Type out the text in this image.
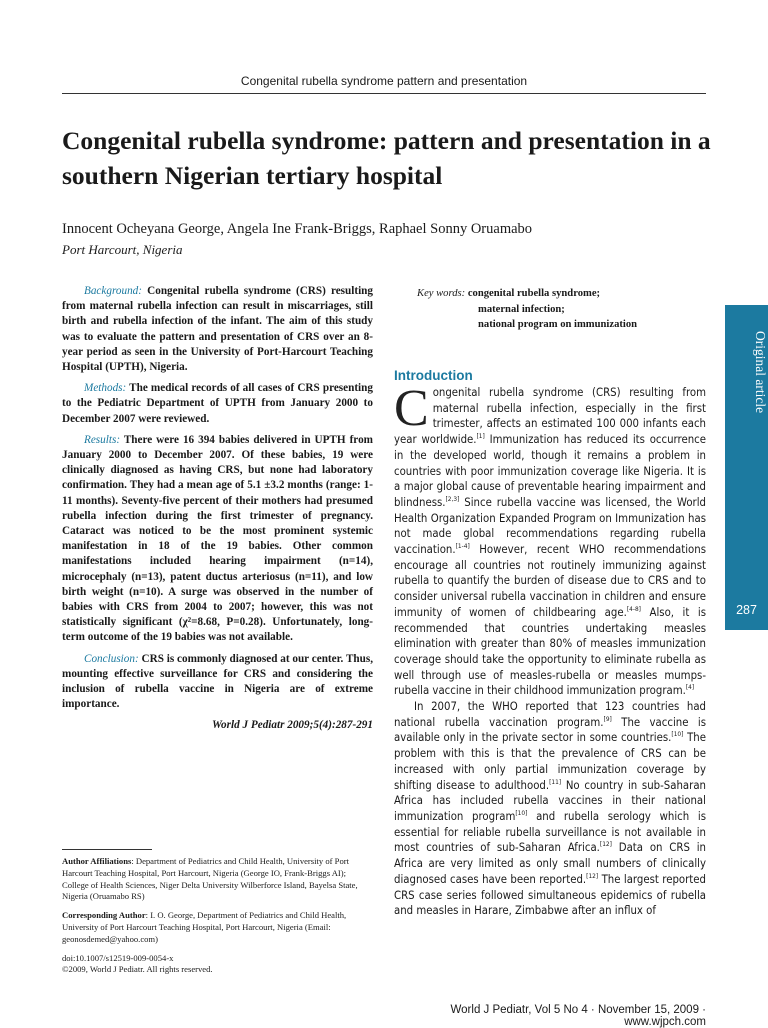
Congenital rubella syndrome pattern and presentation
Congenital rubella syndrome: pattern and presentation in a southern Nigerian tertiary hospital
Innocent Ocheyana George, Angela Ine Frank-Briggs, Raphael Sonny Oruamabo
Port Harcourt, Nigeria

Background: Congenital rubella syndrome (CRS) resulting from maternal rubella infection can result in miscarriages, still birth and rubella infection of the infant. The aim of this study was to evaluate the pattern and presentation of CRS over an 8-year period as seen in the University of Port-Harcourt Teaching Hospital (UPTH), Nigeria.

Methods: The medical records of all cases of CRS presenting to the Pediatric Department of UPTH from January 2000 to December 2007 were reviewed.

Results: There were 16 394 babies delivered in UPTH from January 2000 to December 2007. Of these babies, 19 were clinically diagnosed as having CRS, but none had laboratory confirmation. They had a mean age of 5.1 ±3.2 months (range: 1-11 months). Seventy-five percent of their mothers had presumed rubella infection during the first trimester of pregnancy. Cataract was noticed to be the most prominent systemic manifestation in 18 of the 19 babies. Other common manifestations included hearing impairment (n=14), microcephaly (n=13), patent ductus arteriosus (n=11), and low birth weight (n=10). A surge was observed in the number of babies with CRS from 2004 to 2007; however, this was not statistically significant (χ²=8.68, P=0.28). Unfortunately, long-term outcome of the 19 babies was not available.

Conclusion: CRS is commonly diagnosed at our center. Thus, mounting effective surveillance for CRS and considering the inclusion of rubella vaccine in Nigeria are of extreme importance.

World J Pediatr 2009;5(4):287-291

Author Affiliations: Department of Pediatrics and Child Health, University of Port Harcourt Teaching Hospital, Port Harcourt, Nigeria (George IO, Frank-Briggs AI); College of Health Sciences, Niger Delta University Wilberforce Island, Bayelsa State, Nigeria (Oruamabo RS)

Corresponding Author: I. O. George, Department of Pediatrics and Child Health, University of Port Harcourt Teaching Hospital, Port Harcourt, Nigeria (Email: geonosdemed@yahoo.com)

doi:10.1007/s12519-009-0054-x
©2009, World J Pediatr. All rights reserved.
Key words: congenital rubella syndrome;
maternal infection;
national program on immunization
Introduction

Congenital rubella syndrome (CRS) resulting from maternal rubella infection, especially in the first trimester, affects an estimated 100 000 infants each year worldwide.[1] Immunization has reduced its occurrence in the developed world, though it remains a problem in countries with poor immunization coverage like Nigeria. It is a major global cause of preventable hearing impairment and blindness.[2,3] Since rubella vaccine was licensed, the World Health Organization Expanded Program on Immunization has not made global recommendations regarding rubella vaccination.[1-4] However, recent WHO recommendations encourage all countries not routinely immunizing against rubella to quantify the burden of disease due to CRS and to consider universal rubella vaccination in children and ensure immunity of women of childbearing age.[4-8] Also, it is recommended that countries undertaking measles elimination with greater than 80% of measles immunization coverage should take the opportunity to eliminate rubella as well through use of measles-rubella or measles mumps-rubella vaccine in their childhood immunization program.[4]

In 2007, the WHO reported that 123 countries had national rubella vaccination program.[9] The vaccine is available only in the private sector in some countries.[10] The problem with this is that the prevalence of CRS can be increased with only partial immunization coverage by shifting disease to adulthood.[11] No country in sub-Saharan Africa has included rubella vaccines in their national immunization program[10] and rubella serology which is essential for reliable rubella surveillance is not available in most countries of sub-Saharan Africa.[12] Data on CRS in Africa are very limited as only small numbers of clinically diagnosed cases have been reported.[12] The largest reported CRS case series followed simultaneous epidemics of rubella and measles in Harare, Zimbabwe after an influx of

Original article
287
World J Pediatr, Vol 5 No 4 · November 15, 2009 · www.wjpch.com
